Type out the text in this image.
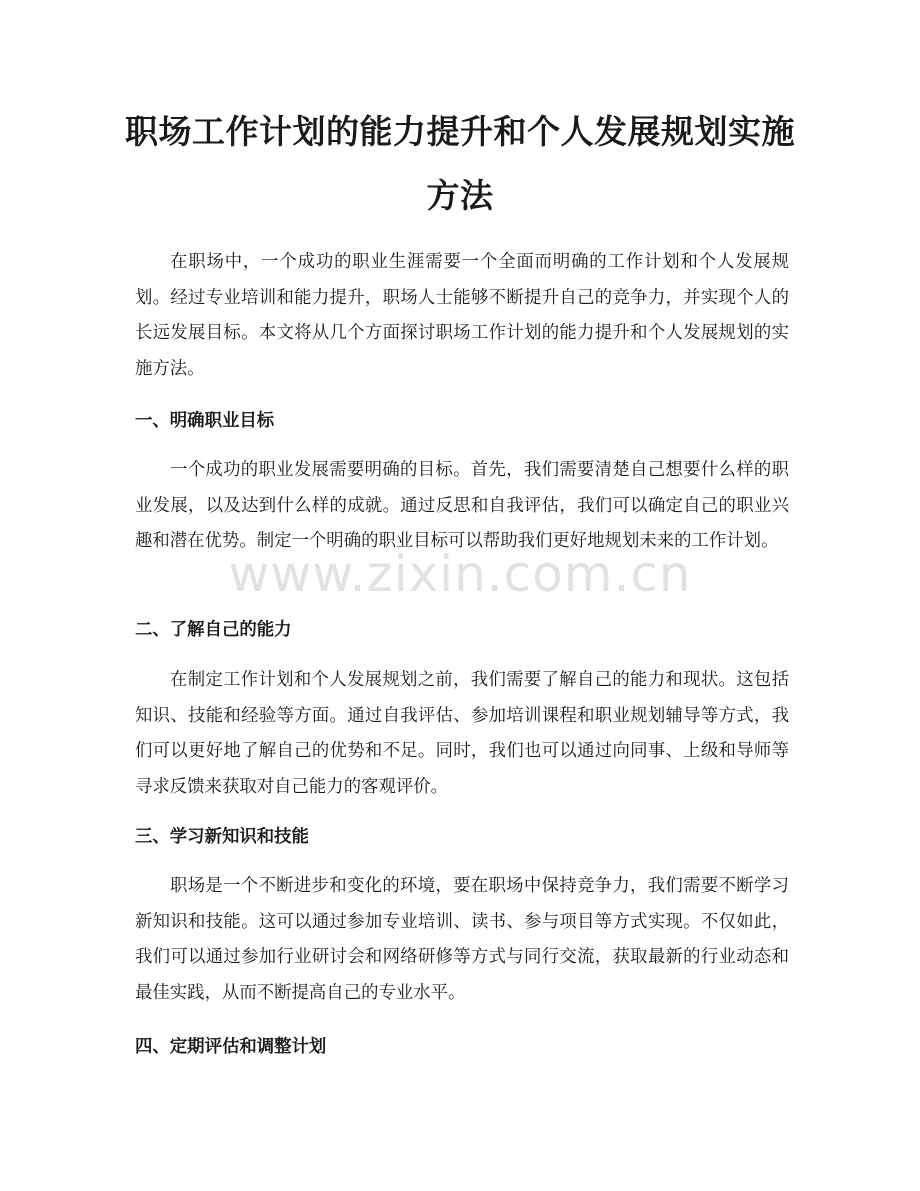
职场工作计划的能力提升和个人发展规划实施方法

在职场中，一个成功的职业生涯需要一个全面而明确的工作计划和个人发展规划。经过专业培训和能力提升，职场人士能够不断提升自己的竞争力，并实现个人的长远发展目标。本文将从几个方面探讨职场工作计划的能力提升和个人发展规划的实施方法。

一、明确职业目标

一个成功的职业发展需要明确的目标。首先，我们需要清楚自己想要什么样的职业发展，以及达到什么样的成就。通过反思和自我评估，我们可以确定自己的职业兴趣和潜在优势。制定一个明确的职业目标可以帮助我们更好地规划未来的工作计划。

二、了解自己的能力

在制定工作计划和个人发展规划之前，我们需要了解自己的能力和现状。这包括知识、技能和经验等方面。通过自我评估、参加培训课程和职业规划辅导等方式，我们可以更好地了解自己的优势和不足。同时，我们也可以通过向同事、上级和导师等寻求反馈来获取对自己能力的客观评价。

三、学习新知识和技能

职场是一个不断进步和变化的环境，要在职场中保持竞争力，我们需要不断学习新知识和技能。这可以通过参加专业培训、读书、参与项目等方式实现。不仅如此，我们可以通过参加行业研讨会和网络研修等方式与同行交流，获取最新的行业动态和最佳实践，从而不断提高自己的专业水平。

四、定期评估和调整计划
www.zixin.com.cn
